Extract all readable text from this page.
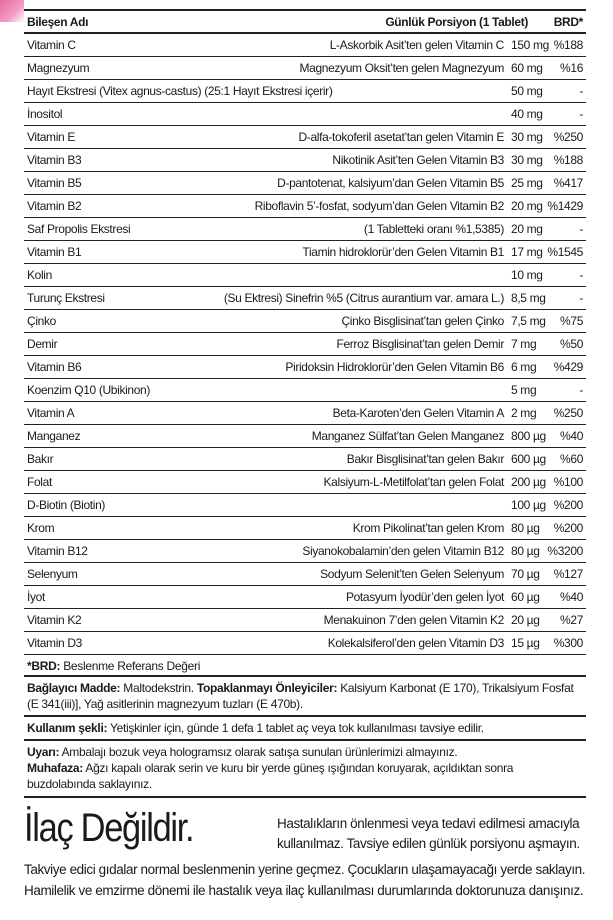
Bileşen Adı	Günlük Porsiyon (1 Tablet)		BRD*
Vitamin C	L-Askorbik Asit’ten gelen Vitamin C	150 mg	%188
Magnezyum	Magnezyum Oksit’ten gelen Magnezyum	60 mg	%16
Hayıt Ekstresi (Vitex agnus-castus) (25:1 Hayıt Ekstresi içerir)		50 mg	-
İnositol		40 mg	-
Vitamin E	D-alfa-tokoferil asetat’tan gelen Vitamin E	30 mg	%250
Vitamin B3	Nikotinik Asit’ten Gelen Vitamin B3	30 mg	%188
Vitamin B5	D-pantotenat, kalsiyum’dan Gelen Vitamin B5	25 mg	%417
Vitamin B2	Riboflavin 5’-fosfat, sodyum’dan Gelen Vitamin B2	20 mg	%1429
Saf Propolis Ekstresi	(1 Tabletteki oranı %1,5385)	20 mg	-
Vitamin B1	Tiamin hidroklorür’den Gelen Vitamin B1	17 mg	%1545
Kolin		10 mg	-
Turunç Ekstresi	(Su Ektresi) Sinefrin %5 (Citrus aurantium var. amara L.)	8,5 mg	-
Çinko	Çinko Bisglisinat’tan gelen Çinko	7,5 mg	%75
Demir	Ferroz Bisglisinat’tan gelen Demir	7 mg	%50
Vitamin B6	Piridoksin Hidroklorür’den Gelen Vitamin B6	6 mg	%429
Koenzim Q10 (Ubikinon)		5 mg	-
Vitamin A	Beta-Karoten’den Gelen Vitamin A	2 mg	%250
Manganez	Manganez Sülfat’tan Gelen Manganez	800 µg	%40
Bakır	Bakır Bisglisinat’tan gelen Bakır	600 µg	%60
Folat	Kalsiyum-L-Metilfolat’tan gelen Folat	200 µg	%100
D-Biotin (Biotin)		100 µg	%200
Krom	Krom Pikolinat’tan gelen Krom	80 µg	%200
Vitamin B12	Siyanokobalamin’den gelen Vitamin B12	80 µg	%3200
Selenyum	Sodyum Selenit’ten Gelen Selenyum	70 µg	%127
İyot	Potasyum İyodür’den gelen İyot	60 µg	%40
Vitamin K2	Menakuinon 7’den gelen Vitamin K2	20 µg	%27
Vitamin D3	Kolekalsiferol’den gelen Vitamin D3	15 µg	%300
*BRD: Beslenme Referans Değeri
Bağlayıcı Madde: Maltodekstrin. Topaklanmayı Önleyiciler: Kalsiyum Karbonat (E 170), Trikalsiyum Fosfat (E 341(iii)], Yağ asitlerinin magnezyum tuzları (E 470b).
Kullanım şekli: Yetişkinler için, günde 1 defa 1 tablet aç veya tok kullanılması tavsiye edilir.
Uyarı: Ambalajı bozuk veya hologramsız olarak satışa sunulan ürünlerimizi almayınız.
Muhafaza: Ağzı kapalı olarak serin ve kuru bir yerde güneş ışığından koruyarak, açıldıktan sonra buzdolabında saklayınız.
İlaç Değildir.	Hastalıkların önlenmesi veya tedavi edilmesi amacıyla kullanılmaz. Tavsiye edilen günlük porsiyonu aşmayın.
Takviye edici gıdalar normal beslenmenin yerine geçmez. Çocukların ulaşamayacağı yerde saklayın. Hamilelik ve emzirme dönemi ile hastalık veya ilaç kullanılması durumlarında doktorunuza danışınız.
